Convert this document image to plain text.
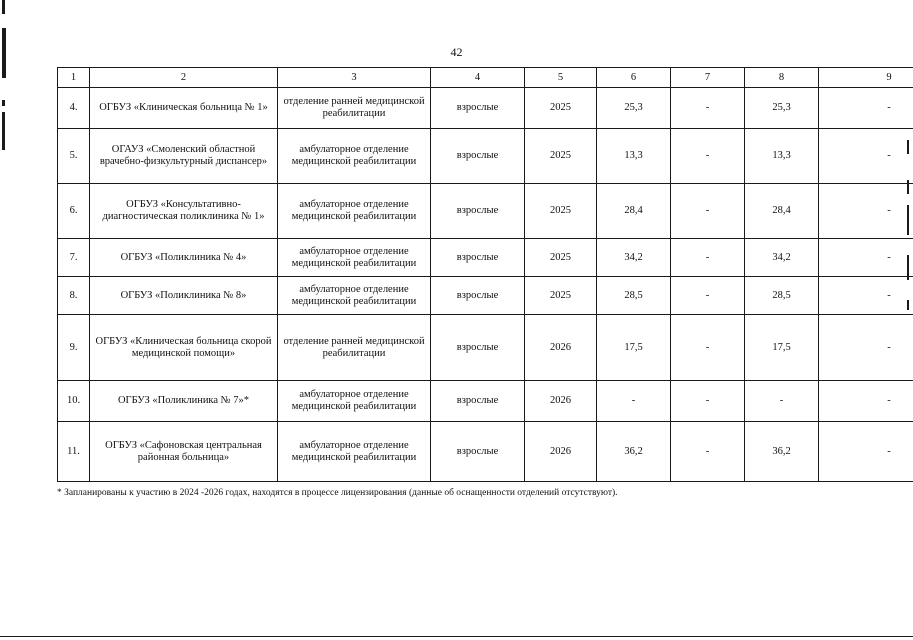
42
1	2	3	4	5	6	7	8	9
4.	ОГБУЗ «Клиническая больница № 1»	отделение ранней медицинской реабилитации	взрослые	2025	25,3	-	25,3	-
5.	ОГАУЗ «Смоленский областной врачебно-физкультурный диспансер»	амбулаторное отделение медицинской реабилитации	взрослые	2025	13,3	-	13,3	-
6.	ОГБУЗ «Консультативно-диагностическая поликлиника № 1»	амбулаторное отделение медицинской реабилитации	взрослые	2025	28,4	-	28,4	-
7.	ОГБУЗ «Поликлиника № 4»	амбулаторное отделение медицинской реабилитации	взрослые	2025	34,2	-	34,2	-
8.	ОГБУЗ «Поликлиника № 8»	амбулаторное отделение медицинской реабилитации	взрослые	2025	28,5	-	28,5	-
9.	ОГБУЗ «Клиническая больница скорой медицинской помощи»	отделение ранней медицинской реабилитации	взрослые	2026	17,5	-	17,5	-
10.	ОГБУЗ «Поликлиника № 7»*	амбулаторное отделение медицинской реабилитации	взрослые	2026	-	-	-	-
11.	ОГБУЗ «Сафоновская центральная районная больница»	амбулаторное отделение медицинской реабилитации	взрослые	2026	36,2	-	36,2	-
* Запланированы к участию в 2024 -2026 годах, находятся в процессе лицензирования (данные об оснащенности отделений отсутствуют).
